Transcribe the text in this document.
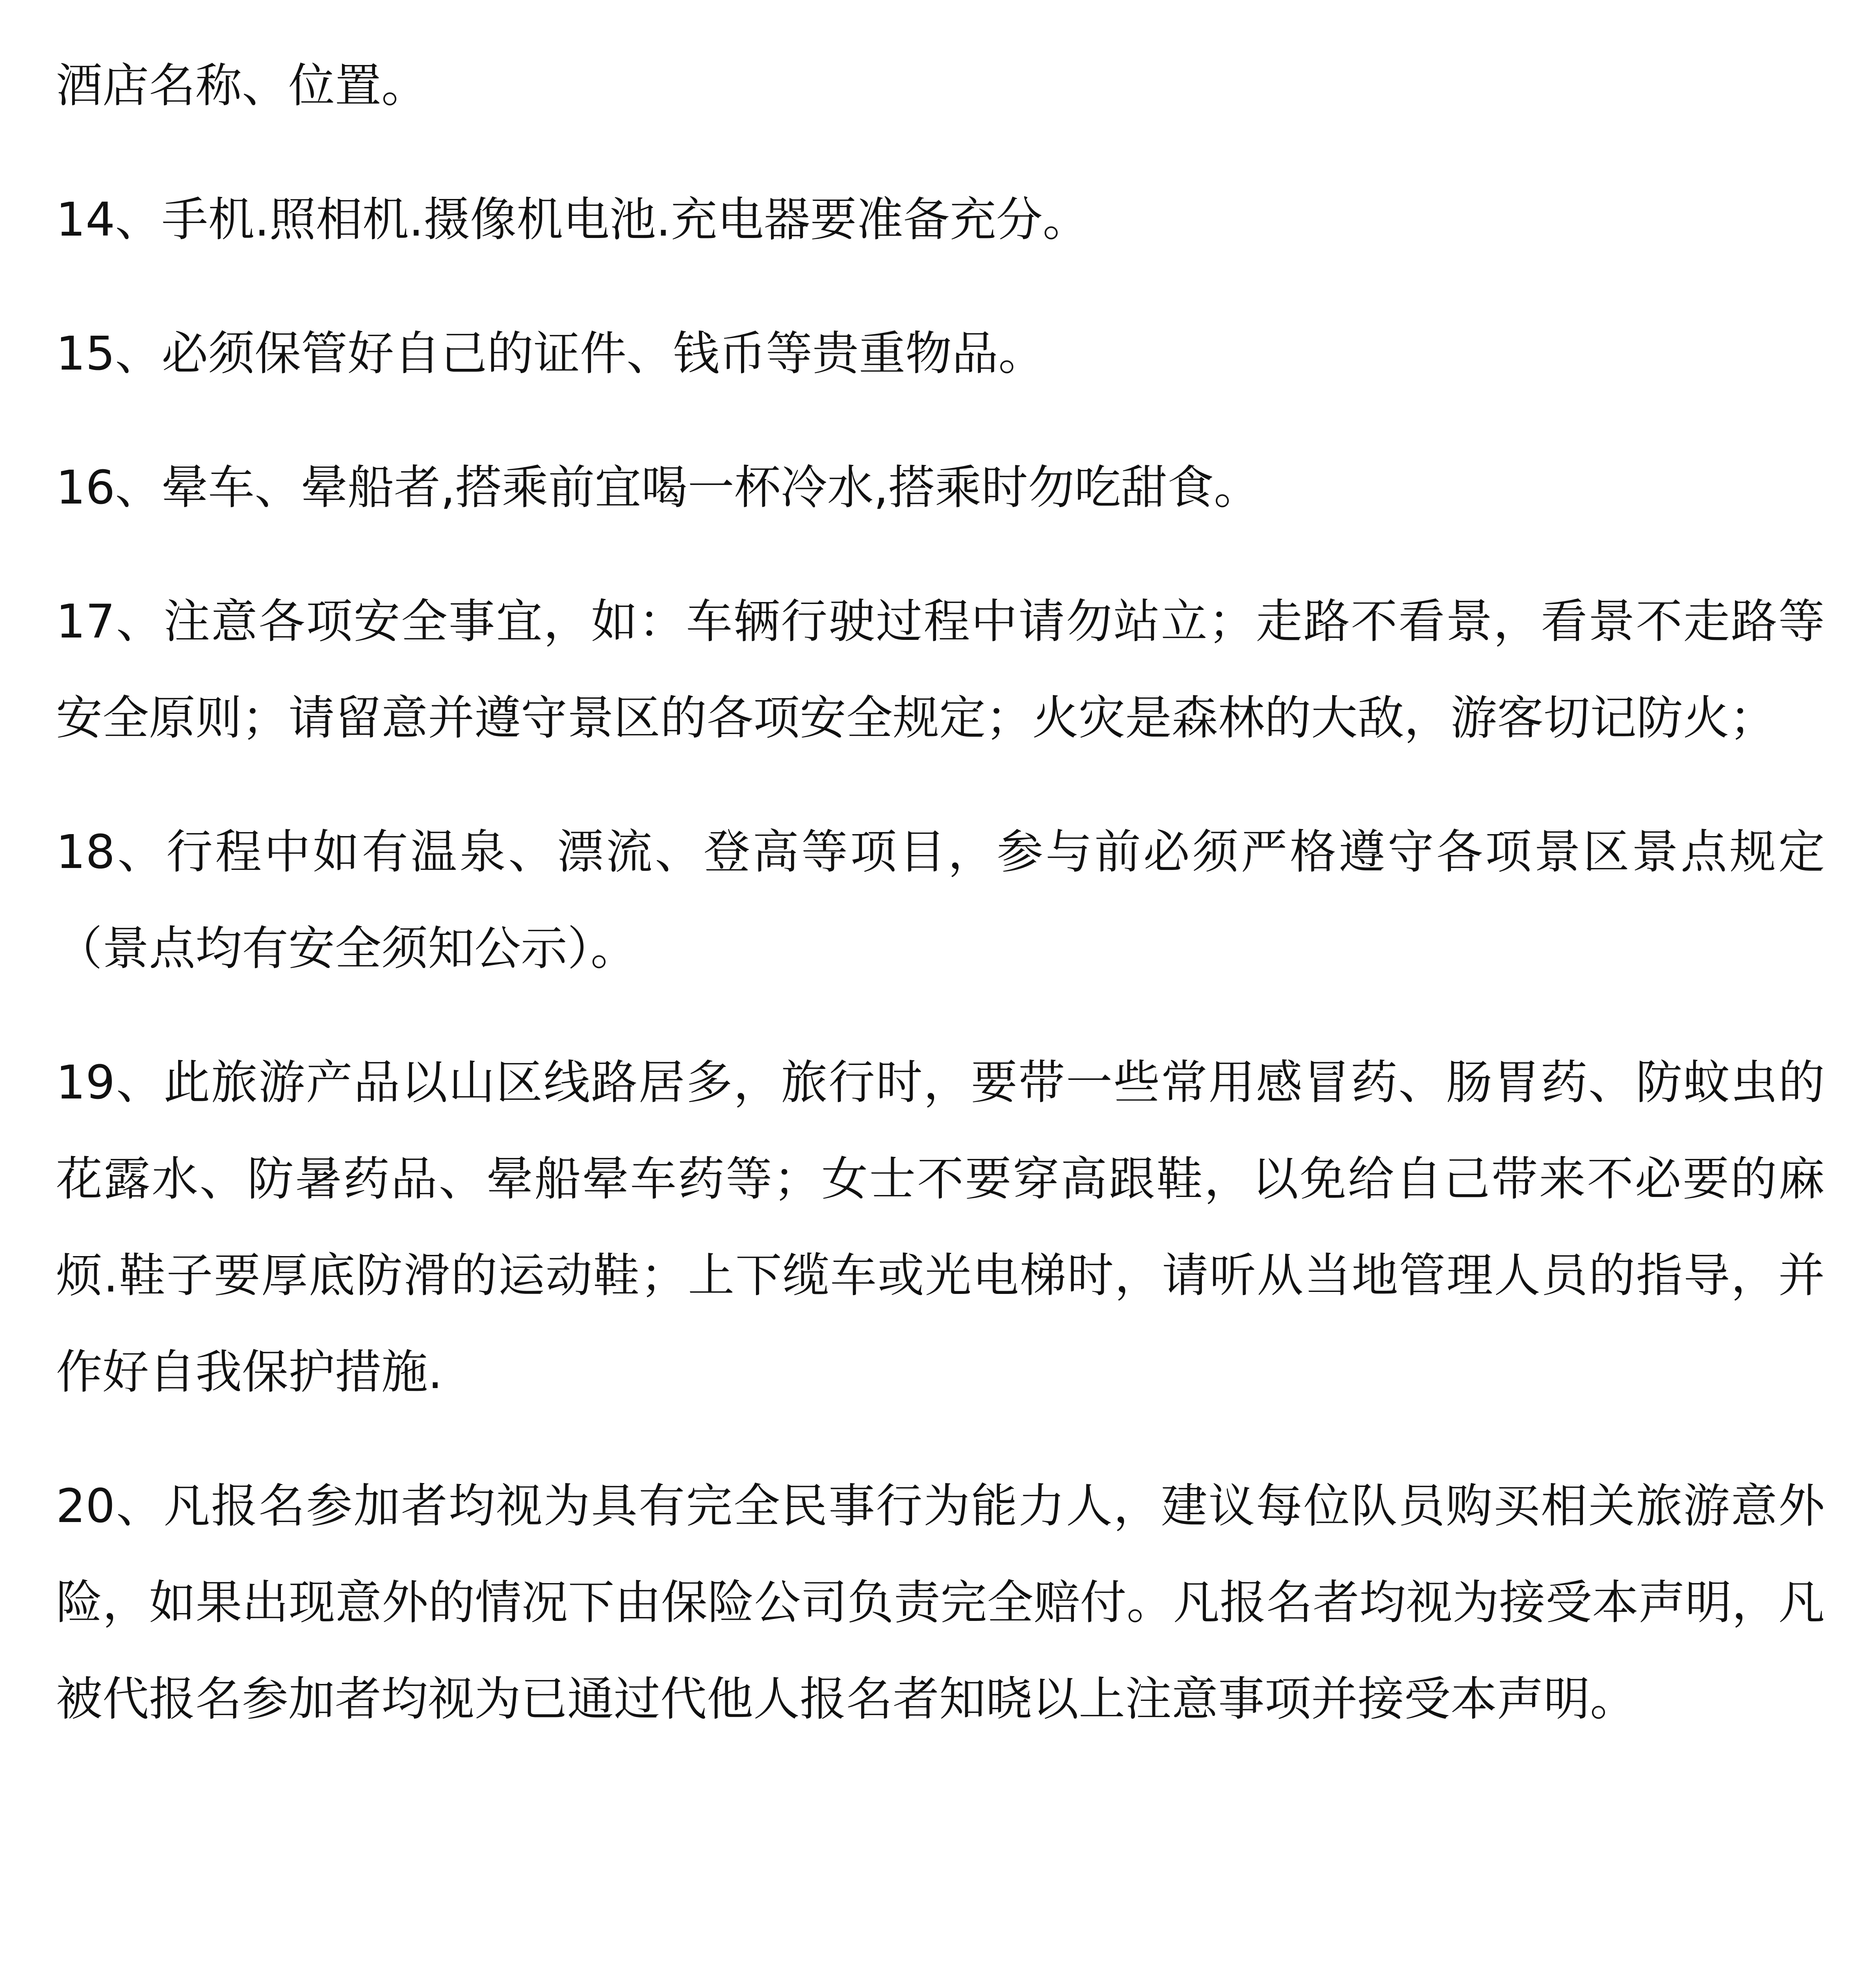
酒店名称、位置。

14、手机.照相机.摄像机电池.充电器要准备充分。

15、必须保管好自己的证件、钱币等贵重物品。

16、晕车、晕船者,搭乘前宜喝一杯冷水,搭乘时勿吃甜食。

17、注意各项安全事宜，如：车辆行驶过程中请勿站立；走路不看景，看景不走路等安全原则；请留意并遵守景区的各项安全规定；火灾是森林的大敌，游客切记防火；

18、行程中如有温泉、漂流、登高等项目，参与前必须严格遵守各项景区景点规定（景点均有安全须知公示）。

19、此旅游产品以山区线路居多，旅行时，要带一些常用感冒药、肠胃药、防蚊虫的花露水、防暑药品、晕船晕车药等；女士不要穿高跟鞋，以免给自己带来不必要的麻烦.鞋子要厚底防滑的运动鞋；上下缆车或光电梯时，请听从当地管理人员的指导，并作好自我保护措施.

20、凡报名参加者均视为具有完全民事行为能力人，建议每位队员购买相关旅游意外险，如果出现意外的情况下由保险公司负责完全赔付。凡报名者均视为接受本声明，凡被代报名参加者均视为已通过代他人报名者知晓以上注意事项并接受本声明。
